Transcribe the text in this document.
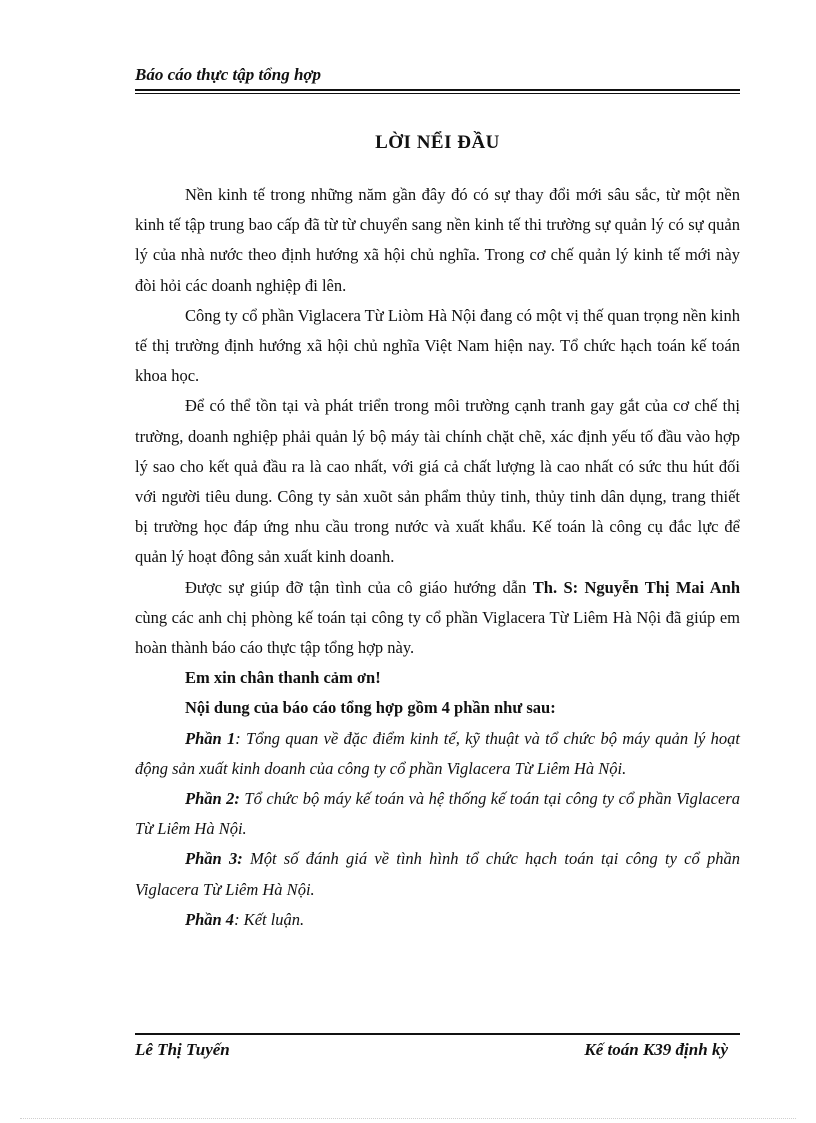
Báo cáo thực tập tổng hợp
LỜI NỂI ĐẦU

Nền kinh tế trong những năm gần đây đó có sự thay đổi mới sâu sắc, từ một nền kinh tế tập trung bao cấp đã từ từ chuyển sang nền kinh tế thi trường sự quản lý có sự quản lý của nhà nước theo định hướng xã hội chủ nghĩa. Trong cơ chế quản lý kinh tế mới này đòi hỏi các doanh nghiệp đi lên.

Công ty cổ phần Viglacera Từ Liòm Hà Nội đang có một vị thế quan trọng nền kinh tế thị trường định hướng xã hội chủ nghĩa Việt Nam hiện nay. Tổ chức hạch toán kế toán khoa học.

Để có thể tồn tại và phát triển trong môi trường cạnh tranh gay gắt của cơ chế thị trường, doanh nghiệp phải quản lý bộ máy tài chính chặt chẽ, xác định yếu tố đầu vào hợp lý sao cho kết quả đầu ra là cao nhất, với giá cả chất lượng là cao nhất có sức thu hút đối với người tiêu dung. Công ty sản xuõt sản phẩm thủy tinh, thủy tinh dân dụng, trang thiết bị trường học đáp ứng nhu cầu trong nước và xuất khẩu. Kế toán là công cụ đắc lực để quản lý hoạt đông sản xuất kinh doanh.

Được sự giúp đỡ tận tình của cô giáo hướng dẫn Th. S: Nguyễn Thị Mai Anh cùng các anh chị phòng kế toán tại công ty cổ phần Viglacera Từ Liêm Hà Nội đã giúp em hoàn thành báo cáo thực tập tổng hợp này.

Em xin chân thanh cảm ơn!

Nội dung của báo cáo tổng hợp gồm 4 phần như sau:

Phần 1: Tổng quan về đặc điểm kinh tế, kỹ thuật và tổ chức bộ máy quản lý hoạt động sản xuất kinh doanh của công ty cổ phần Viglacera Từ Liêm Hà Nội.

Phần 2: Tổ chức bộ máy kế toán và hệ thống kế toán tại công ty cổ phần Viglacera Từ Liêm Hà Nội.

Phần 3: Một số đánh giá về tình hình tổ chức hạch toán tại công ty cổ phần Viglacera Từ Liêm Hà Nội.

Phần 4: Kết luận.

Lê Thị Tuyến	Kế toán K39 định kỳ
